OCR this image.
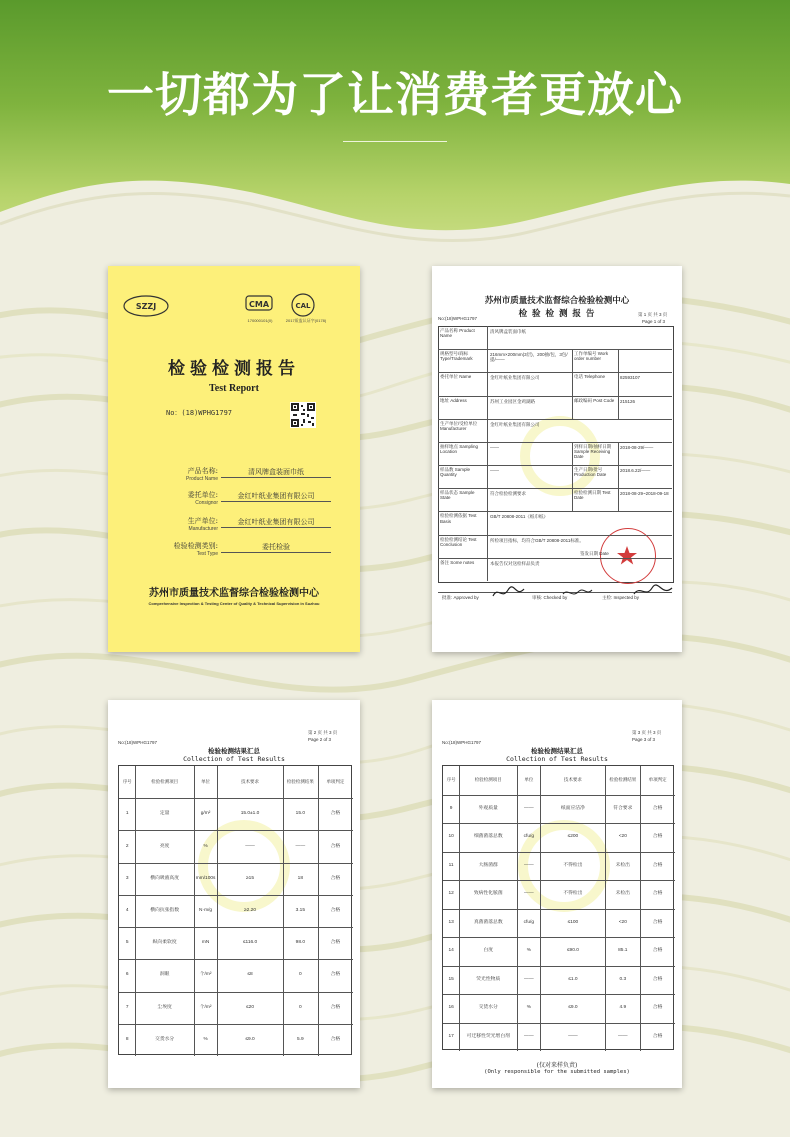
一切都为了让消费者更放心
SZZJ	CMA
170000101(0)
CAL
2017质监认证字(0178)
检验检测报告
Test Report
No：(18)WPHG1797
产品名称:
Product Name
清风牌盒装面巾纸
委托单位:
Consignor
金红叶纸业集团有限公司
生产单位:
Manufacturer
金红叶纸业集团有限公司
检验检测类别:
Test Type
委托检验
苏州市质量技术监督综合检验检测中心
Comprehensive Inspection & Testing Center of Quality & Technical Supervision in Suzhou
苏州市质量技术监督综合检验检测中心
检 验 检 测 报 告
No:(18)WPHG1797
第 1 页 共 3 页
Page 1 of 3
签发日期 Date
批准: Approved by	审核: Checked by	主检: Inspected by
产品名称 Product Name
清风牌盒装面巾纸
规格型号/商标 Type/Trademark
216mm×200mm(3层)，200抽/包，3包/提/——
工作单编号 Work order number
委托单位 Name	金红叶纸业集团有限公司	电话 Telephone	82593107
地址 Address	苏州工业园区金鸡湖路	邮政编码 Post Code	215126
生产单位/受检单位 Manufacturer
金红叶纸业集团有限公司
抽样地点 Sampling Location
——	到样日期/抽样日期 Sample Receiving Date
2018-08-29/——
样品数 Sample Quantity
——	生产日期/批号 Production Date
2018.6.22/——
样品状态 Sample State
符合检验检测要求	检验检测日期 Test Date
2018-08-29~2018-09-18
检验检测依据 Test Basis
GB/T 20808-2011《纸巾纸》
检验检测结论 Test Conclusion
所检项目指标，均符合GB/T 20808-2011标准。
备注 Some notes	本报告仅对送检样品负责
第 2 页 共 3 页
Page 2 of 3
No:(18)WPHG1797
检验检测结果汇总
Collection of Test Results
序号	检验检测项目	单位	技术要求	检验检测结果	单项判定
1	定量	g/m²	15.0±1.0	15.0	合格
2	亮度	%	——	——	合格
3	横向吸液高度	mm/100s	≥15	18	合格
4	横向抗张指数	N·m/g	≥2.20	3.15	合格
5	纵向柔软度	mN	≤116.0	98.0	合格
6	洞眼	个/m²	≤8	0	合格
7	尘埃度	个/m²	≤20	0	合格
8	交货水分	%	≤9.0	5.9	合格
第 3 页 共 3 页
Page 3 of 3
No:(18)WPHG1797
检验检测结果汇总
Collection of Test Results
序号	检验检测项目	单位	技术要求	检验检测结果	单项判定
9	外观质量	——	纸面应洁净	符合要求	合格
10	细菌菌落总数	cfu/g	≤200	<20	合格
11	大肠菌群	——	不得检出	未检出	合格
12	致病性化脓菌	——	不得检出	未检出	合格
13	真菌菌落总数	cfu/g	≤100	<20	合格
14	白度	%	≤90.0	85.1	合格
15	荧光性物质	——	≤1.0	0.3	合格
16	交货水分	%	≤9.0	4.9	合格
17	可迁移性荧光增白剂	——	——	——	合格
(仅对来样负责)
(Only responsible for the submitted samples)
